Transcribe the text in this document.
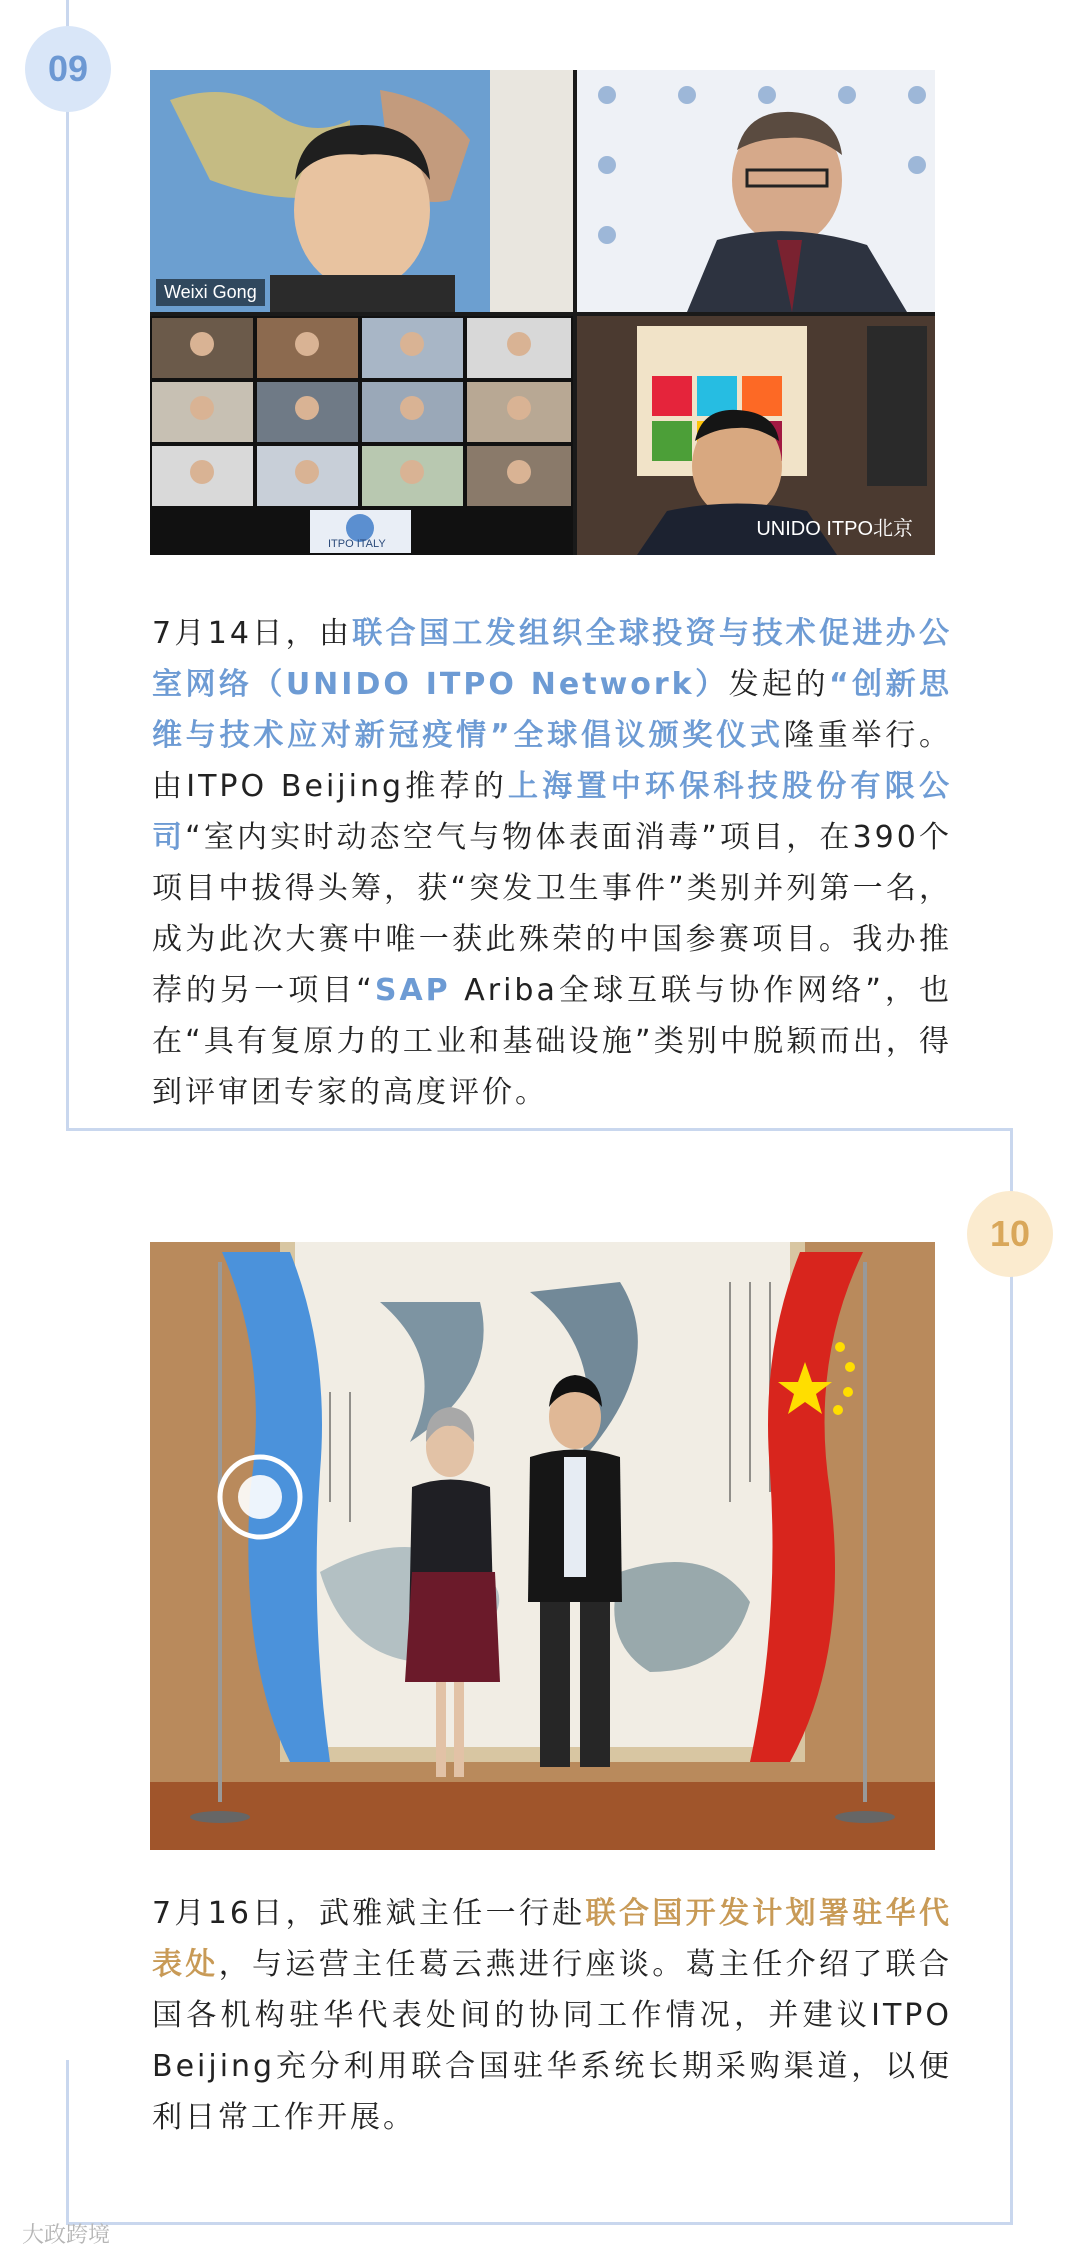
09
Weixi Gong
ITPO ITALY
UNIDO ITPO北京
7月14日，由联合国工发组织全球投资与技术促进办公室网络（UNIDO ITPO Network）发起的“创新思维与技术应对新冠疫情”全球倡议颁奖仪式隆重举行。由ITPO Beijing推荐的上海置中环保科技股份有限公司“室内实时动态空气与物体表面消毒”项目，在390个项目中拔得头筹，获“突发卫生事件”类别并列第一名，成为此次大赛中唯一获此殊荣的中国参赛项目。我办推荐的另一项目“SAP Ariba全球互联与协作网络”，也在“具有复原力的工业和基础设施”类别中脱颖而出，得到评审团专家的高度评价。
10
7月16日，武雅斌主任一行赴联合国开发计划署驻华代表处，与运营主任葛云燕进行座谈。葛主任介绍了联合国各机构驻华代表处间的协同工作情况，并建议ITPO Beijing充分利用联合国驻华系统长期采购渠道，以便利日常工作开展。
大政跨境
